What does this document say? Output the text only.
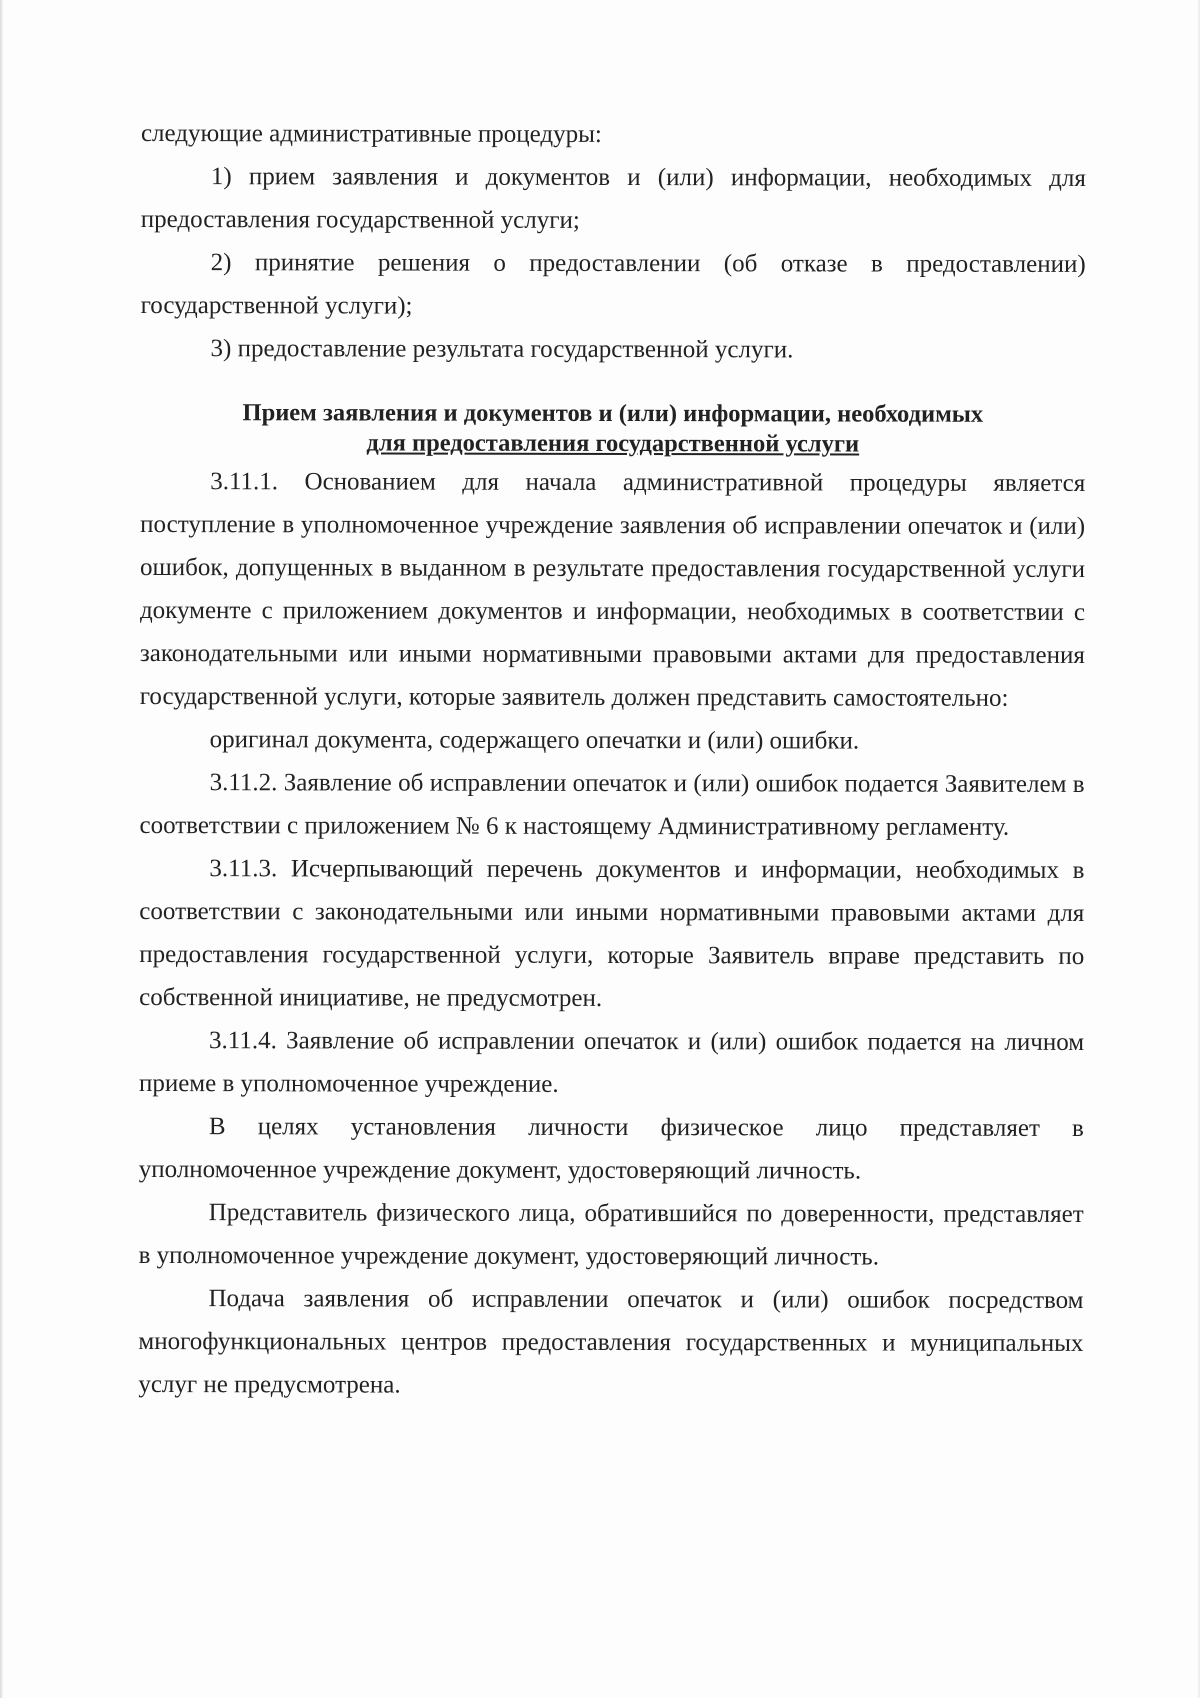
следующие административные процедуры:

1) прием заявления и документов и (или) информации, необходимых для предоставления государственной услуги;

2) принятие решения о предоставлении (об отказе в предоставлении) государственной услуги);

3) предоставление результата государственной услуги.

Прием заявления и документов и (или) информации, необходимых
для предоставления государственной услуги

3.11.1. Основанием для начала административной процедуры является поступление в уполномоченное учреждение заявления об исправлении опечаток и (или) ошибок, допущенных в выданном в результате предоставления государственной услуги документе с приложением документов и информации, необходимых в соответствии с законодательными или иными нормативными правовыми актами для предоставления государственной услуги, которые заявитель должен представить самостоятельно:

оригинал документа, содержащего опечатки и (или) ошибки.

3.11.2. Заявление об исправлении опечаток и (или) ошибок подается Заявителем в соответствии с приложением № 6 к настоящему Административному регламенту.

3.11.3. Исчерпывающий перечень документов и информации, необходимых в соответствии с законодательными или иными нормативными правовыми актами для предоставления государственной услуги, которые Заявитель вправе представить по собственной инициативе, не предусмотрен.

3.11.4. Заявление об исправлении опечаток и (или) ошибок подается на личном приеме в уполномоченное учреждение.

В целях установления личности физическое лицо представляет в уполномоченное учреждение документ, удостоверяющий личность.

Представитель физического лица, обратившийся по доверенности, представляет в уполномоченное учреждение документ, удостоверяющий личность.

Подача заявления об исправлении опечаток и (или) ошибок посредством многофункциональных центров предоставления государственных и муниципальных услуг не предусмотрена.
